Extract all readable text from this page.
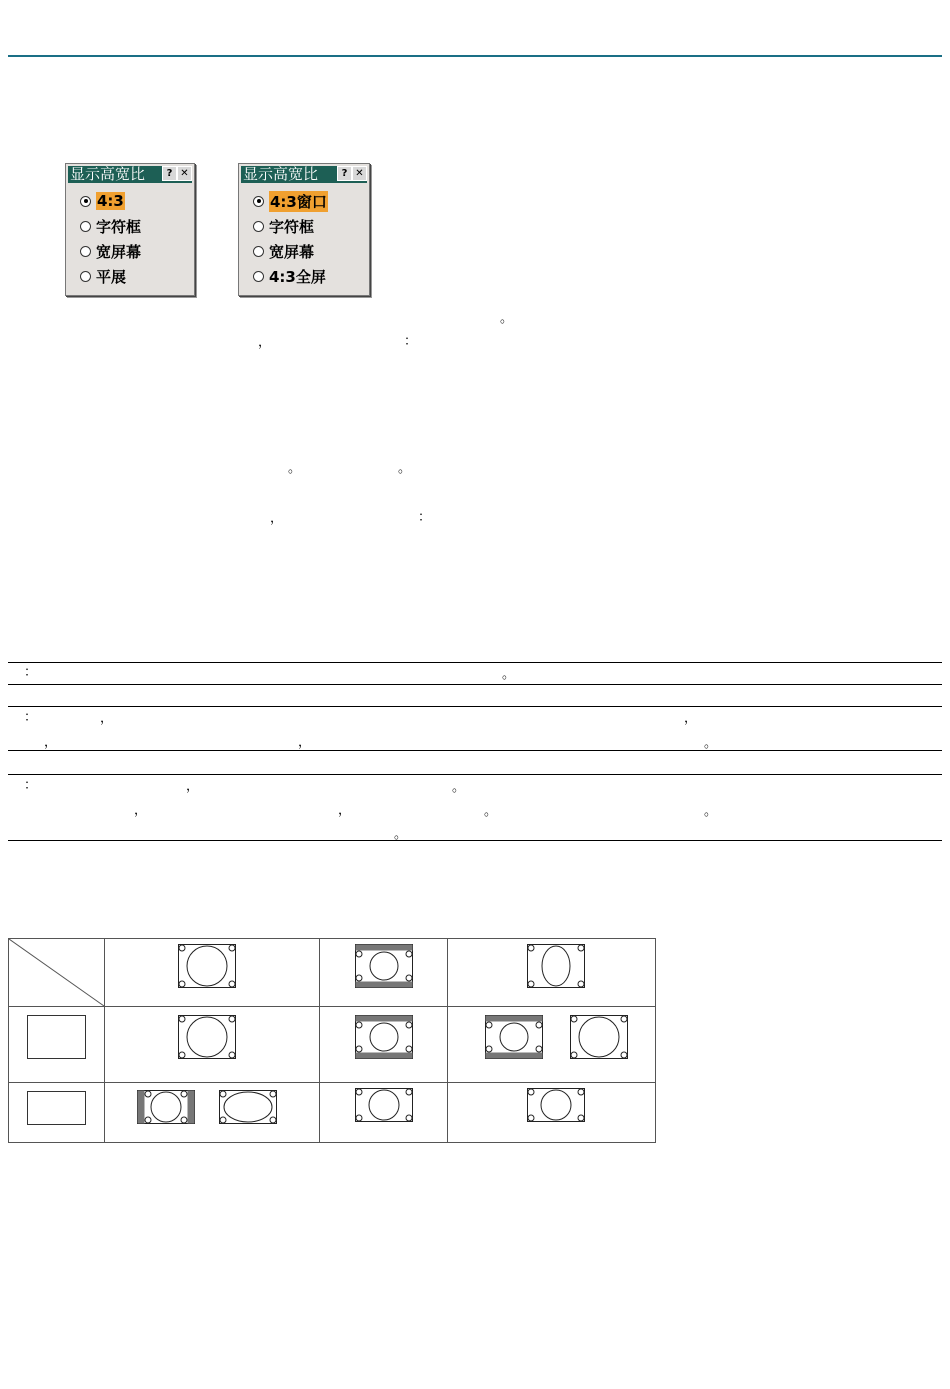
显示高宽比	? ✕
4:3
字符框
宽屏幕
平展
显示高宽比	? ✕
4:3窗口
字符框
宽屏幕
4:3全屏
。
，	：
。	。
，	：
：	。
：	，	，
，	，	。
：	，	。
，	，	。	。
。
